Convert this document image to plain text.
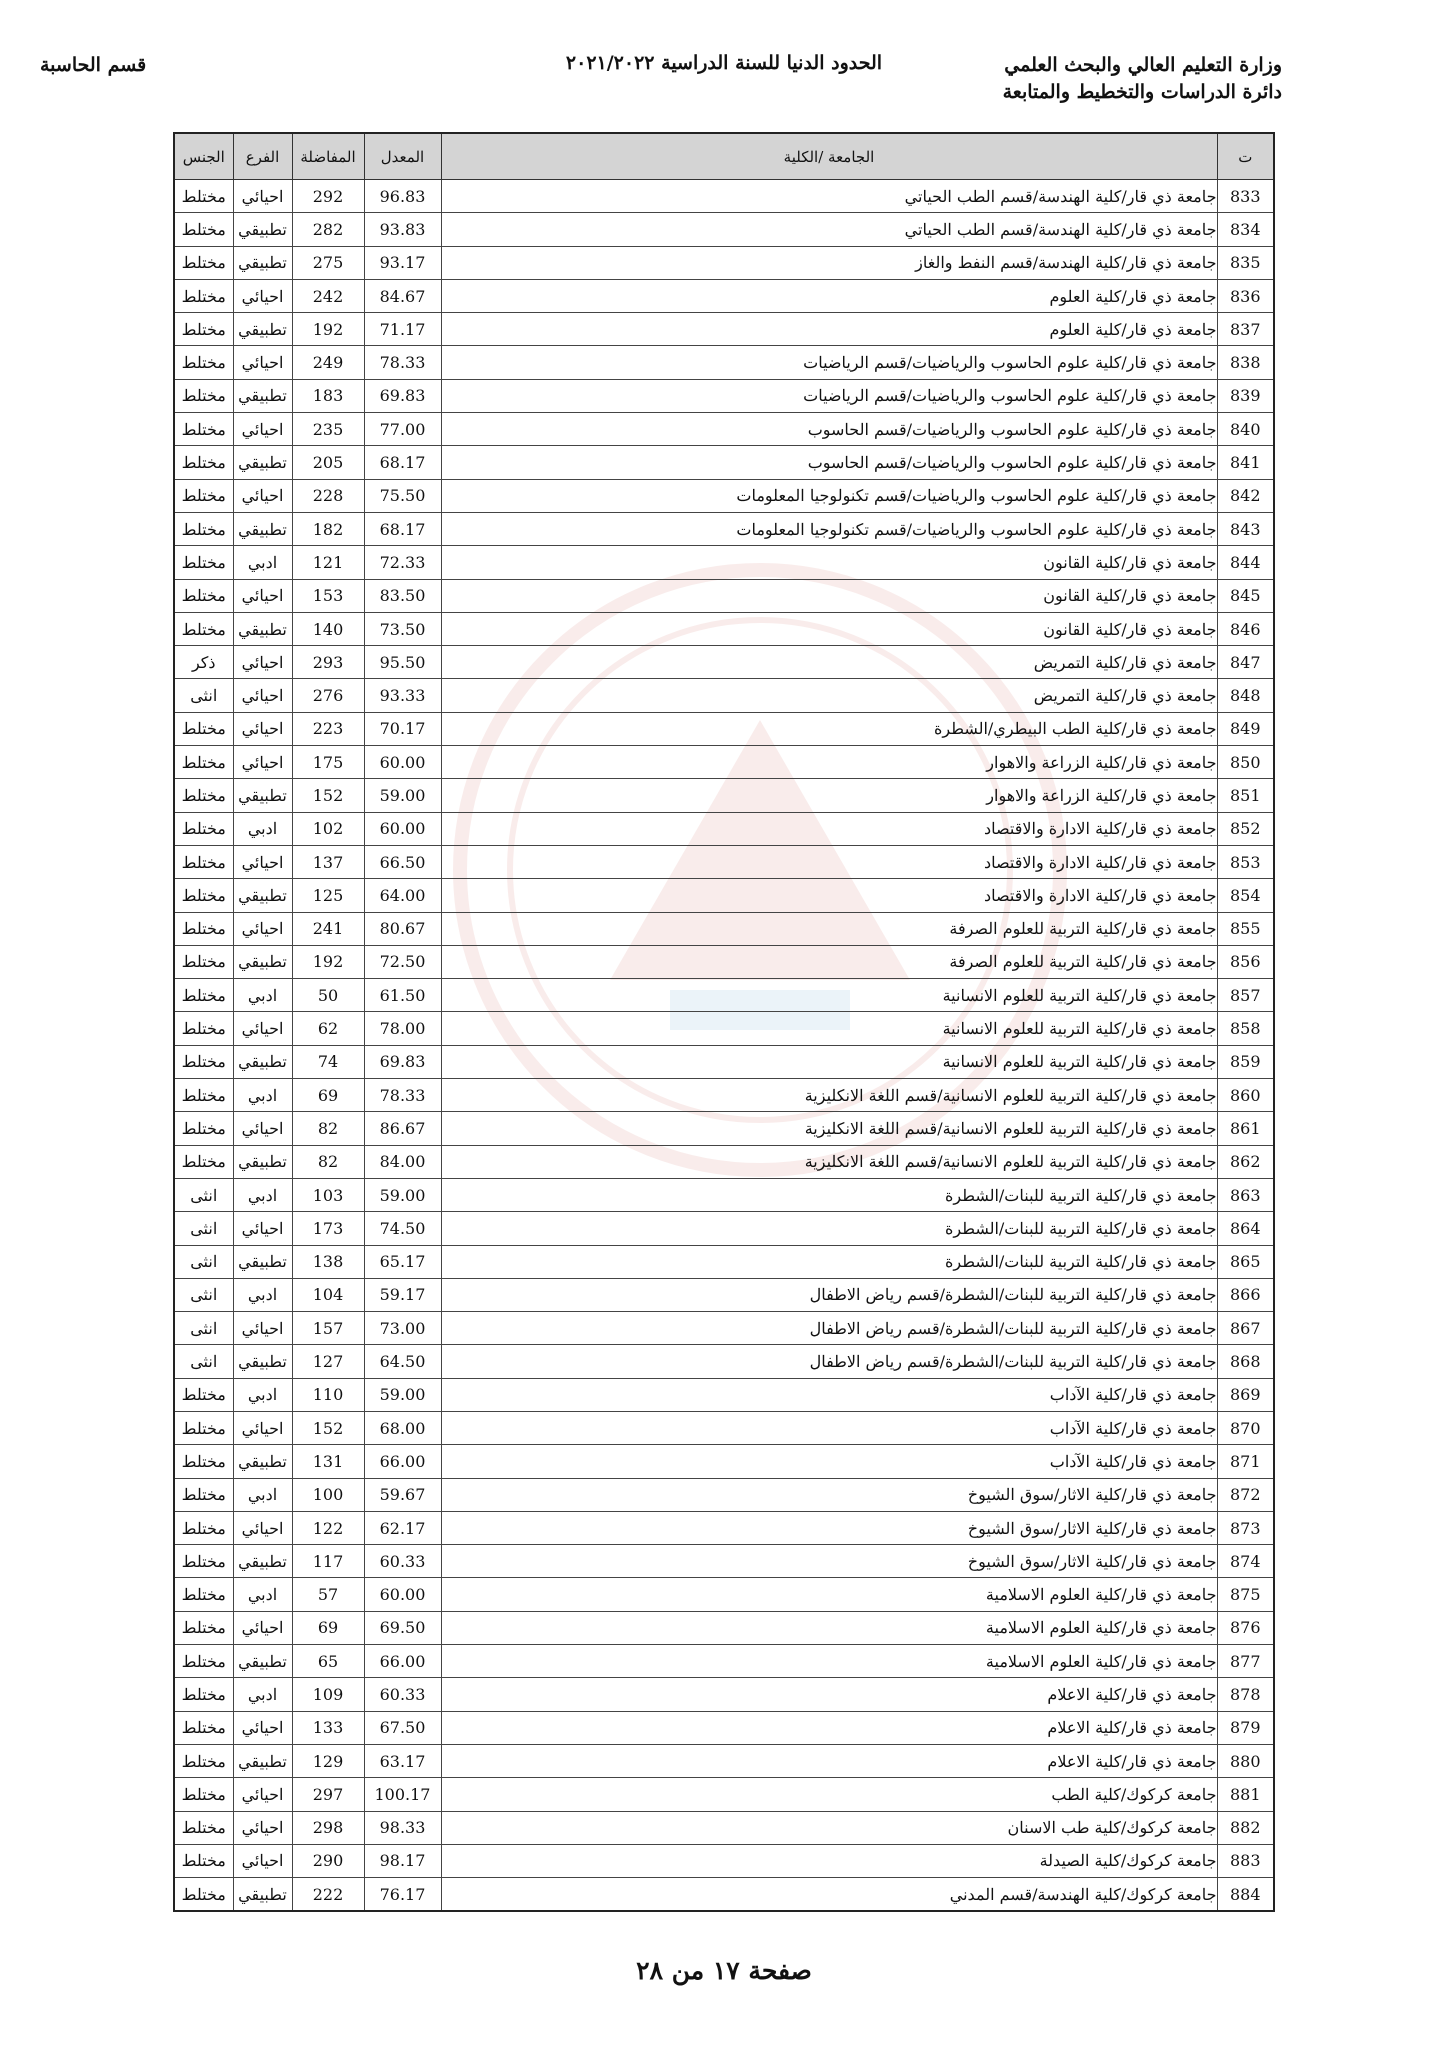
وزارة التعليم العالي والبحث العلمي
دائرة الدراسات والتخطيط والمتابعة
الحدود الدنيا للسنة الدراسية ٢٠٢١/٢٠٢٢
قسم الحاسبة
ت	الجامعة /الكلية	المعدل	المفاضلة	الفرع	الجنس
833	جامعة ذي قار/كلية الهندسة/قسم الطب الحياتي	96.83	292	احيائي	مختلط
834	جامعة ذي قار/كلية الهندسة/قسم الطب الحياتي	93.83	282	تطبيقي	مختلط
835	جامعة ذي قار/كلية الهندسة/قسم النفط والغاز	93.17	275	تطبيقي	مختلط
836	جامعة ذي قار/كلية العلوم	84.67	242	احيائي	مختلط
837	جامعة ذي قار/كلية العلوم	71.17	192	تطبيقي	مختلط
838	جامعة ذي قار/كلية علوم الحاسوب والرياضيات/قسم الرياضيات	78.33	249	احيائي	مختلط
839	جامعة ذي قار/كلية علوم الحاسوب والرياضيات/قسم الرياضيات	69.83	183	تطبيقي	مختلط
840	جامعة ذي قار/كلية علوم الحاسوب والرياضيات/قسم الحاسوب	77.00	235	احيائي	مختلط
841	جامعة ذي قار/كلية علوم الحاسوب والرياضيات/قسم الحاسوب	68.17	205	تطبيقي	مختلط
842	جامعة ذي قار/كلية علوم الحاسوب والرياضيات/قسم تكنولوجيا المعلومات	75.50	228	احيائي	مختلط
843	جامعة ذي قار/كلية علوم الحاسوب والرياضيات/قسم تكنولوجيا المعلومات	68.17	182	تطبيقي	مختلط
844	جامعة ذي قار/كلية القانون	72.33	121	ادبي	مختلط
845	جامعة ذي قار/كلية القانون	83.50	153	احيائي	مختلط
846	جامعة ذي قار/كلية القانون	73.50	140	تطبيقي	مختلط
847	جامعة ذي قار/كلية التمريض	95.50	293	احيائي	ذكر
848	جامعة ذي قار/كلية التمريض	93.33	276	احيائي	انثى
849	جامعة ذي قار/كلية الطب البيطري/الشطرة	70.17	223	احيائي	مختلط
850	جامعة ذي قار/كلية الزراعة والاهوار	60.00	175	احيائي	مختلط
851	جامعة ذي قار/كلية الزراعة والاهوار	59.00	152	تطبيقي	مختلط
852	جامعة ذي قار/كلية الادارة والاقتصاد	60.00	102	ادبي	مختلط
853	جامعة ذي قار/كلية الادارة والاقتصاد	66.50	137	احيائي	مختلط
854	جامعة ذي قار/كلية الادارة والاقتصاد	64.00	125	تطبيقي	مختلط
855	جامعة ذي قار/كلية التربية للعلوم الصرفة	80.67	241	احيائي	مختلط
856	جامعة ذي قار/كلية التربية للعلوم الصرفة	72.50	192	تطبيقي	مختلط
857	جامعة ذي قار/كلية التربية للعلوم الانسانية	61.50	50	ادبي	مختلط
858	جامعة ذي قار/كلية التربية للعلوم الانسانية	78.00	62	احيائي	مختلط
859	جامعة ذي قار/كلية التربية للعلوم الانسانية	69.83	74	تطبيقي	مختلط
860	جامعة ذي قار/كلية التربية للعلوم الانسانية/قسم اللغة الانكليزية	78.33	69	ادبي	مختلط
861	جامعة ذي قار/كلية التربية للعلوم الانسانية/قسم اللغة الانكليزية	86.67	82	احيائي	مختلط
862	جامعة ذي قار/كلية التربية للعلوم الانسانية/قسم اللغة الانكليزية	84.00	82	تطبيقي	مختلط
863	جامعة ذي قار/كلية التربية للبنات/الشطرة	59.00	103	ادبي	انثى
864	جامعة ذي قار/كلية التربية للبنات/الشطرة	74.50	173	احيائي	انثى
865	جامعة ذي قار/كلية التربية للبنات/الشطرة	65.17	138	تطبيقي	انثى
866	جامعة ذي قار/كلية التربية للبنات/الشطرة/قسم رياض الاطفال	59.17	104	ادبي	انثى
867	جامعة ذي قار/كلية التربية للبنات/الشطرة/قسم رياض الاطفال	73.00	157	احيائي	انثى
868	جامعة ذي قار/كلية التربية للبنات/الشطرة/قسم رياض الاطفال	64.50	127	تطبيقي	انثى
869	جامعة ذي قار/كلية الآداب	59.00	110	ادبي	مختلط
870	جامعة ذي قار/كلية الآداب	68.00	152	احيائي	مختلط
871	جامعة ذي قار/كلية الآداب	66.00	131	تطبيقي	مختلط
872	جامعة ذي قار/كلية الاثار/سوق الشيوخ	59.67	100	ادبي	مختلط
873	جامعة ذي قار/كلية الاثار/سوق الشيوخ	62.17	122	احيائي	مختلط
874	جامعة ذي قار/كلية الاثار/سوق الشيوخ	60.33	117	تطبيقي	مختلط
875	جامعة ذي قار/كلية العلوم الاسلامية	60.00	57	ادبي	مختلط
876	جامعة ذي قار/كلية العلوم الاسلامية	69.50	69	احيائي	مختلط
877	جامعة ذي قار/كلية العلوم الاسلامية	66.00	65	تطبيقي	مختلط
878	جامعة ذي قار/كلية الاعلام	60.33	109	ادبي	مختلط
879	جامعة ذي قار/كلية الاعلام	67.50	133	احيائي	مختلط
880	جامعة ذي قار/كلية الاعلام	63.17	129	تطبيقي	مختلط
881	جامعة كركوك/كلية الطب	100.17	297	احيائي	مختلط
882	جامعة كركوك/كلية طب الاسنان	98.33	298	احيائي	مختلط
883	جامعة كركوك/كلية الصيدلة	98.17	290	احيائي	مختلط
884	جامعة كركوك/كلية الهندسة/قسم المدني	76.17	222	تطبيقي	مختلط
صفحة ١٧ من ٢٨
